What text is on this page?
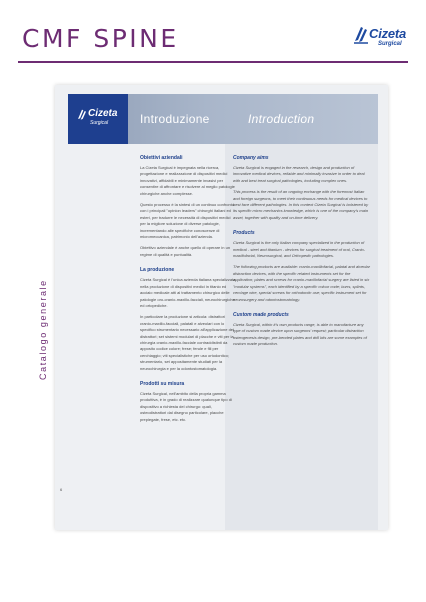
CMF SPINE	Cizeta
Surgical
Catalogo generale
Cizeta
Surgical	Introduzione	Introduction
Obiettivi aziendali

La Cizeta Surgical è impegnata nella ricerca, progettazione e realizzazione di dispositivi medici innovativi, affidabili e minimamente invasivi per consentire di affrontare e risolvere al meglio patologie chirurgiche anche complesse.

Questo processo è la sintesi di un continuo confronto con i principali "opinion leaders" chirurghi italiani ed esteri, per tradurre le necessità di dispositivi medici per la migliore soluzione di diverse patologie, incrementando alle specifiche conoscenze di micromeccanica, patrimonio dell'azienda.

Obiettivo aziendale è anche quello di operare in un regime di qualità e puntualità.

La produzione

Cizeta Surgical è l'unica azienda italiana specializzata nella produzione di dispositivi medici in titanio ed acciaio medicale atti al trattamento chirurgico delle patologie oro-cranio-maxillo-facciali, neurochirurgiche ed ortopediche.

In particolare la produzione si articola: distrattori cranio-maxillo-facciali, palatali e alveolari con lo specifico strumentario necessario all'applicazione dei distrattori; set sistemi modulari di placche e viti per la chirurgia cranio-maxillo-facciale contraddistinti da apposito codice colore; frese; ferule e fili per cerchiaggio; viti specialistiche per uso ortodontico; strumentario, set appositamente studiati per la neurochirurgia e per la odontostomatologia.

Prodotti su misura

Cizeta Surgical, nell'ambito della propria gamma produttiva, è in grado di realizzare qualunque tipo di dispositivo a richiesta del chirurgo: quali, osteodistrattori dal disegno particolare, placche prepiegate, frese, etc. etc.

Company aims

Cizeta Surgical is engaged in the research, design and production of innovative medical devices, reliable and minimally invasive in order to deal with and best treat surgical pathologies, including complex ones.

This process is the result of an ongoing exchange with the foremost Italian and foreign surgeons, to meet their continuous needs for medical devices to best face different pathologies. In this context Cizeta Surgical is bolstered by its specific micro mechanics knowledge, which is one of the company's main asset, together with quality and on-time delivery.

Products

Cizeta Surgical is the only Italian company specialized in the production of medical - steel and titanium - devices for surgical treatment of oral, Cranio-maxillofacial, Neurosurgical, and Orthopedic pathologies.

The following products are available: cranio-maxillofacial, palatal and alveolar distraction devices, with the specific related instruments set for the application; plates and screws for cranio-maxillofacial surgery are listed in six "modular systems", each identified by a specific colour code; burrs, splints, cerclage wire, special screws for orthodontic use; specific instrument set for neurosurgery and odontostomatology.

Custom made products

Cizeta Surgical, within it's own products range, is able to manufacture any type of custom made device upon surgeons' request; particular distraction osteogenesis design, pre-bended plates and drill bits are some examples of custom made production.

6
